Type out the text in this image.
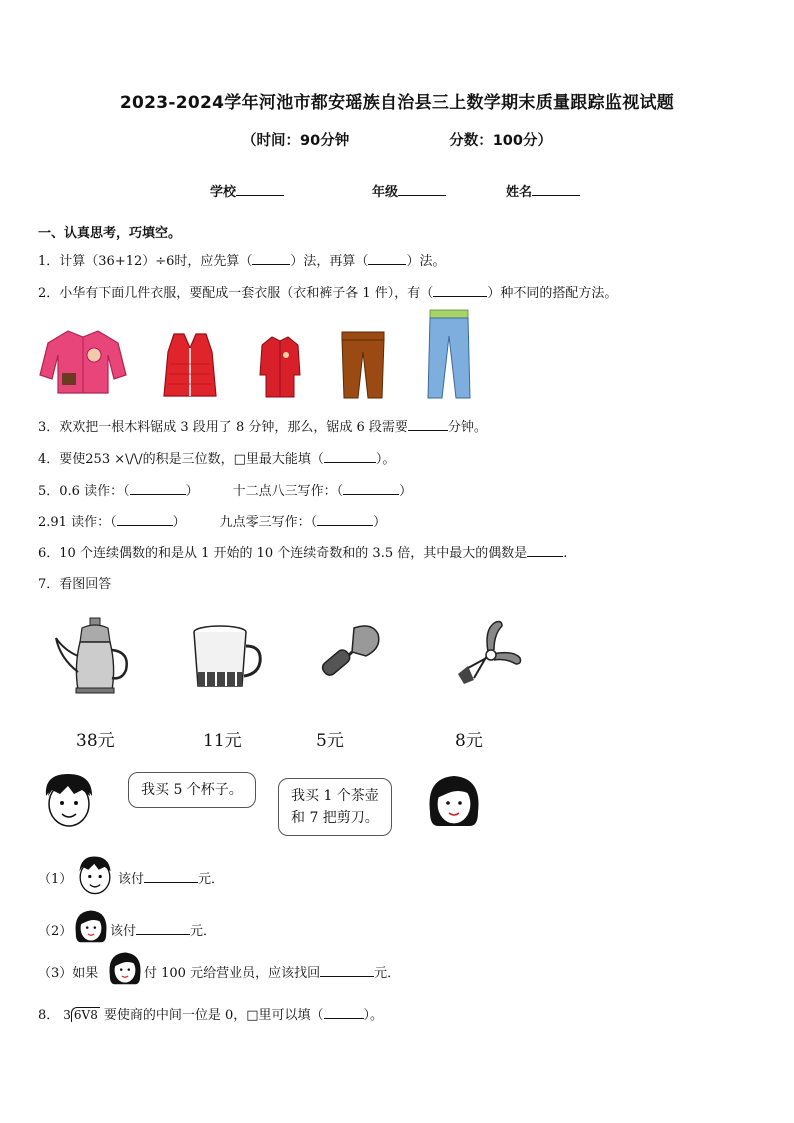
2023-2024学年河池市都安瑶族自治县三上数学期末质量跟踪监视试题
（时间：90分钟	分数：100分）
学校	年级	姓名
一、认真思考，巧填空。
1．计算（36+12）÷6时，应先算（	）法，再算（	）法。
2．小华有下面几件衣服，要配成一套衣服（衣和裤子各 1 件），有（	）种不同的搭配方法。
3．欢欢把一根木料锯成 3 段用了 8 分钟，那么，锯成 6 段需要	分钟。
4．要使253 ×\/\/的积是三位数，□里最大能填（	）。
5．0.6 读作：（	）	十二点八三写作：（	）
2.91 读作：（	）	九点零三写作：（	）
6．10 个连续偶数的和是从 1 开始的 10 个连续奇数和的 3.5 倍，其中最大的偶数是	.
7．看图回答
38元	11元	5元	8元
我买 5 个杯子。	我买 1 个茶壶
和 7 把剪刀。
（1）	该付	元．
（2）	该付	元．
（3）如果	付 100 元给营业员，应该找回	元．
8． 3 6V8 要使商的中间一位是 0，□里可以填（	）。
